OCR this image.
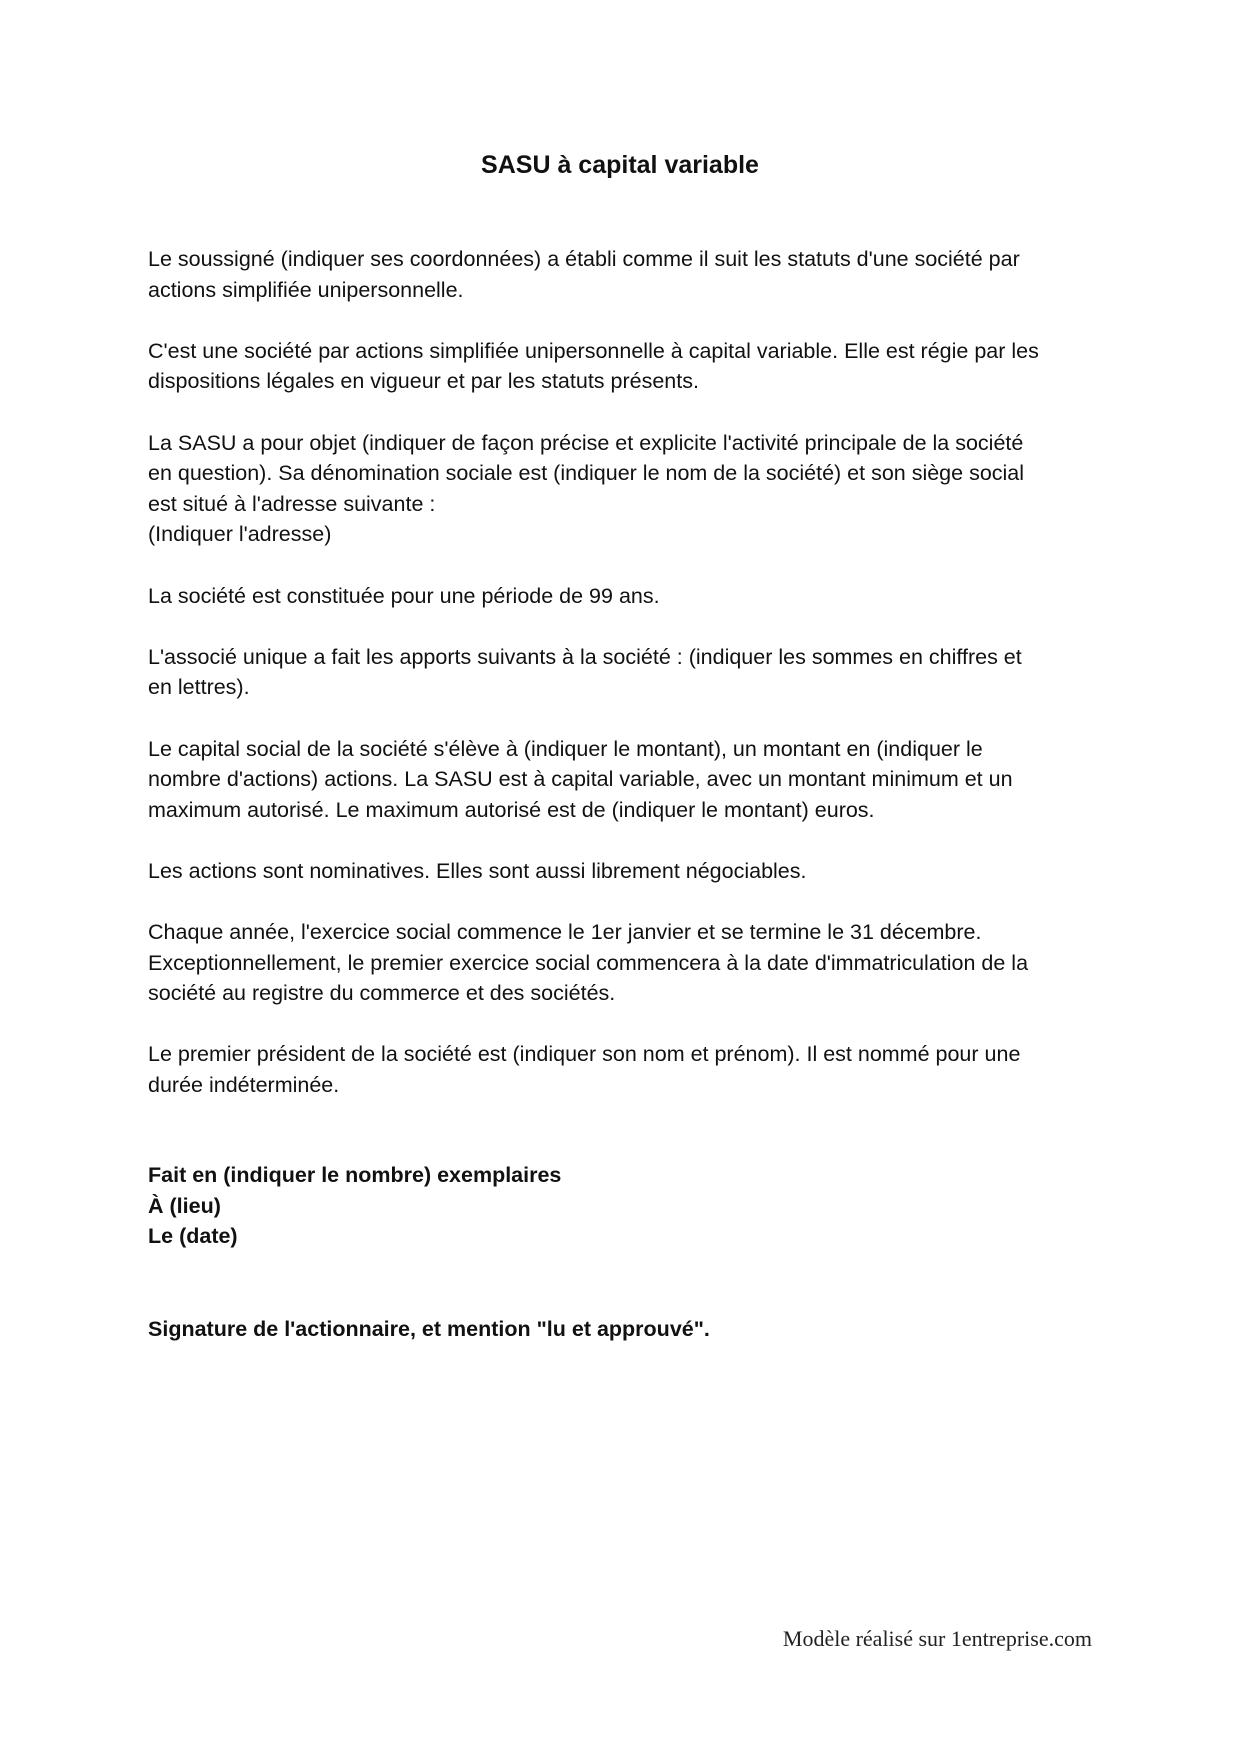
SASU à capital variable

Le soussigné (indiquer ses coordonnées) a établi comme il suit les statuts d'une société par
actions simplifiée unipersonnelle.

C'est une société par actions simplifiée unipersonnelle à capital variable. Elle est régie par les
dispositions légales en vigueur et par les statuts présents.

La SASU a pour objet (indiquer de façon précise et explicite l'activité principale de la société
en question). Sa dénomination sociale est (indiquer le nom de la société) et son siège social
est situé à l'adresse suivante :
(Indiquer l'adresse)

La société est constituée pour une période de 99 ans.

L'associé unique a fait les apports suivants à la société : (indiquer les sommes en chiffres et
en lettres).

Le capital social de la société s'élève à (indiquer le montant), un montant en (indiquer le
nombre d'actions) actions. La SASU est à capital variable, avec un montant minimum et un
maximum autorisé. Le maximum autorisé est de (indiquer le montant) euros.

Les actions sont nominatives. Elles sont aussi librement négociables.

Chaque année, l'exercice social commence le 1er janvier et se termine le 31 décembre.
Exceptionnellement, le premier exercice social commencera à la date d'immatriculation de la
société au registre du commerce et des sociétés.

Le premier président de la société est (indiquer son nom et prénom). Il est nommé pour une
durée indéterminée.

Fait en (indiquer le nombre) exemplaires
À (lieu)
Le (date)
Signature de l'actionnaire, et mention "lu et approuvé".
Modèle réalisé sur 1entreprise.com
